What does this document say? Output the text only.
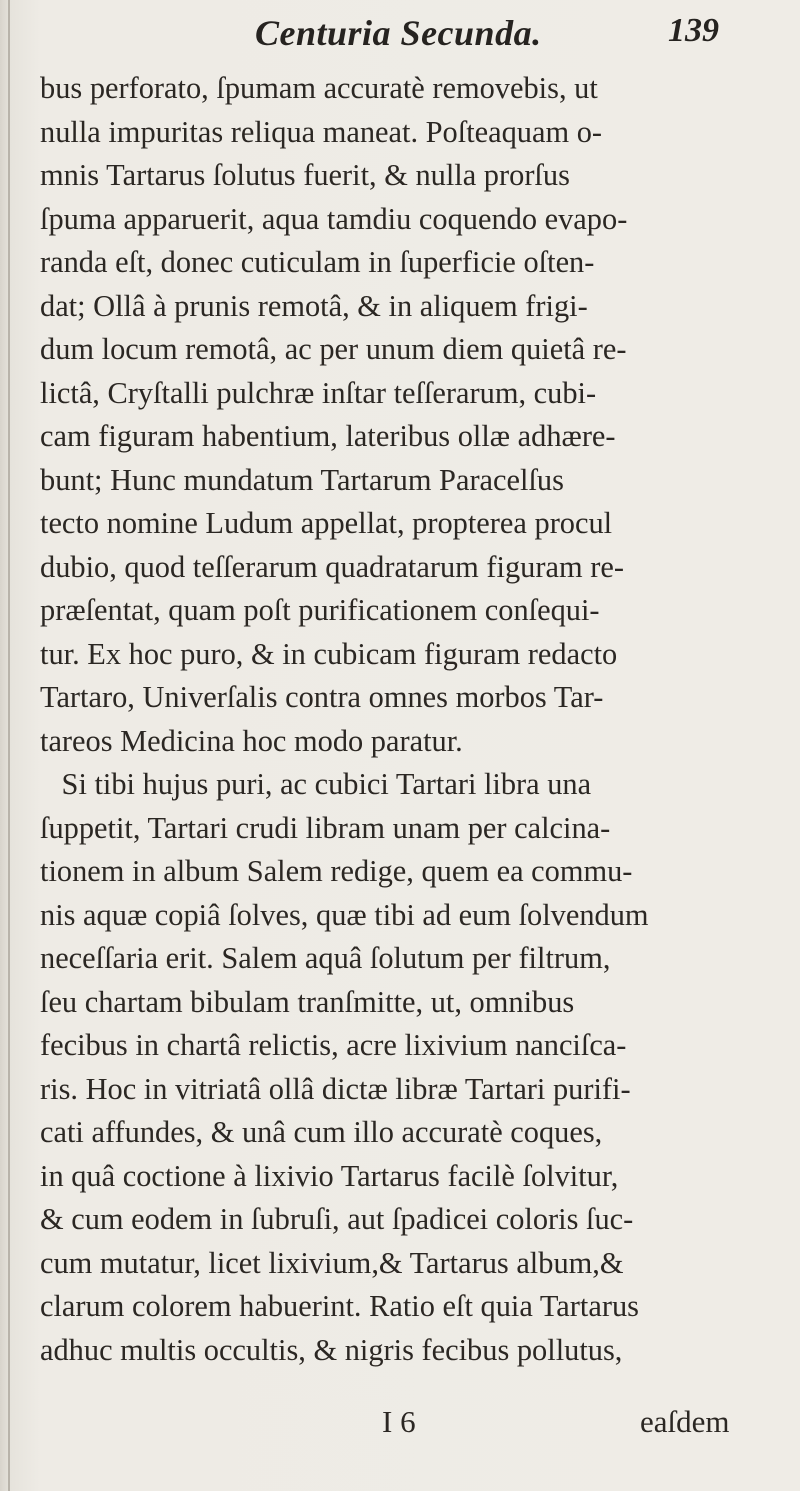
Centuria Secunda.	139
bus perforato, ſpumam accuratè removebis, ut
nulla impuritas reliqua maneat. Poſteaquam o-
mnis Tartarus ſolutus fuerit, & nulla prorſus
ſpuma apparuerit, aqua tamdiu coquendo evapo-
randa eſt, donec cuticulam in ſuperficie oſten-
dat; Ollâ à prunis remotâ, & in aliquem frigi-
dum locum remotâ, ac per unum diem quietâ re-
lictâ, Cryſtalli pulchræ inſtar teſſerarum, cubi-
cam figuram habentium, lateribus ollæ adhære-
bunt; Hunc mundatum Tartarum Paracelſus
tecto nomine Ludum appellat, propterea procul
dubio, quod teſſerarum quadratarum figuram re-
præſentat, quam poſt purificationem conſequi-
tur. Ex hoc puro, & in cubicam figuram redacto
Tartaro, Univerſalis contra omnes morbos Tar-
tareos Medicina hoc modo paratur.
Si tibi hujus puri, ac cubici Tartari libra una
ſuppetit, Tartari crudi libram unam per calcina-
tionem in album Salem redige, quem ea commu-
nis aquæ copiâ ſolves, quæ tibi ad eum ſolvendum
neceſſaria erit. Salem aquâ ſolutum per filtrum,
ſeu chartam bibulam tranſmitte, ut, omnibus
fecibus in chartâ relictis, acre lixivium nanciſca-
ris. Hoc in vitriatâ ollâ dictæ libræ Tartari purifi-
cati affundes, & unâ cum illo accuratè coques,
in quâ coctione à lixivio Tartarus facilè ſolvitur,
& cum eodem in ſubruſi, aut ſpadicei coloris ſuc-
cum mutatur, licet lixivium,& Tartarus album,&
clarum colorem habuerint. Ratio eſt quia Tartarus
adhuc multis occultis, & nigris fecibus pollutus,
I 6	eaſdem
